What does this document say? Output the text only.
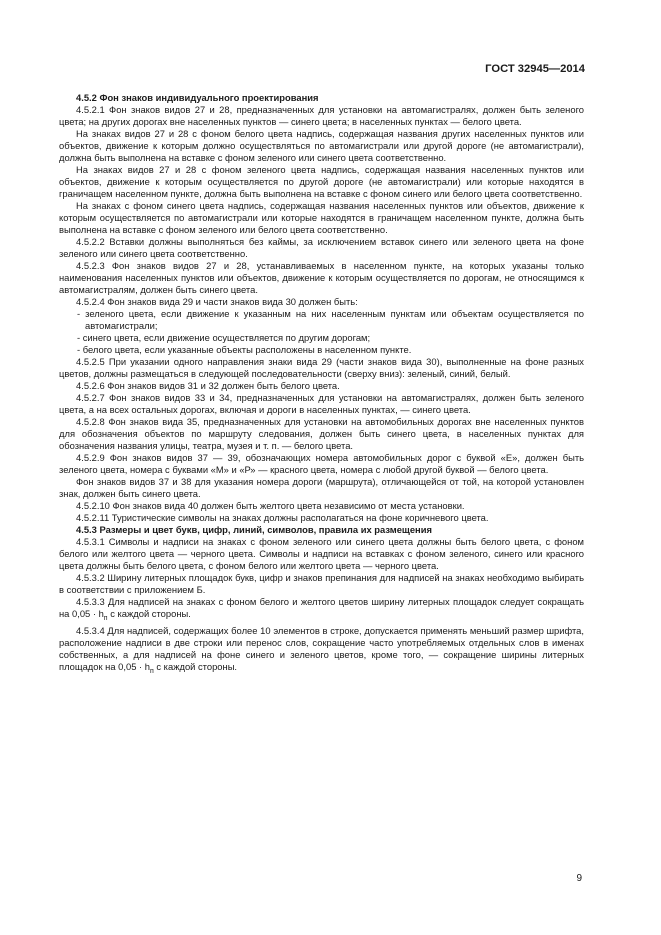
ГОСТ 32945—2014

4.5.2 Фон знаков индивидуального проектирования

4.5.2.1 Фон знаков видов 27 и 28, предназначенных для установки на автомагистралях, должен быть зеленого цвета; на других дорогах вне населенных пунктов — синего цвета; в населенных пунктах — белого цвета.

На знаках видов 27 и 28 с фоном белого цвета надпись, содержащая названия других населенных пунктов или объектов, движение к которым должно осуществляться по автомагистрали или другой дороге (не автомагистрали), должна быть выполнена на вставке с фоном зеленого или синего цвета соответственно.

На знаках видов 27 и 28 с фоном зеленого цвета надпись, содержащая названия населенных пунктов или объектов, движение к которым осуществляется по другой дороге (не автомагистрали) или которые находятся в граничащем населенном пункте, должна быть выполнена на вставке с фоном синего или белого цвета соответственно.

На знаках с фоном синего цвета надпись, содержащая названия населенных пунктов или объектов, движение к которым осуществляется по автомагистрали или которые находятся в граничащем населенном пункте, должна быть выполнена на вставке с фоном зеленого или белого цвета соответственно.

4.5.2.2 Вставки должны выполняться без каймы, за исключением вставок синего или зеленого цвета на фоне зеленого или синего цвета соответственно.

4.5.2.3 Фон знаков видов 27 и 28, устанавливаемых в населенном пункте, на которых указаны только наименования населенных пунктов или объектов, движение к которым осуществляется по дорогам, не относящимся к автомагистралям, должен быть синего цвета.

4.5.2.4 Фон знаков вида 29 и части знаков вида 30 должен быть:

- зеленого цвета, если движение к указанным на них населенным пунктам или объектам осуществляется по автомагистрали;

- синего цвета, если движение осуществляется по другим дорогам;

- белого цвета, если указанные объекты расположены в населенном пункте.

4.5.2.5 При указании одного направления знаки вида 29 (части знаков вида 30), выполненные на фоне разных цветов, должны размещаться в следующей последовательности (сверху вниз): зеленый, синий, белый.

4.5.2.6 Фон знаков видов 31 и 32 должен быть белого цвета.

4.5.2.7 Фон знаков видов 33 и 34, предназначенных для установки на автомагистралях, должен быть зеленого цвета, а на всех остальных дорогах, включая и дороги в населенных пунктах, — синего цвета.

4.5.2.8 Фон знаков вида 35, предназначенных для установки на автомобильных дорогах вне населенных пунктов для обозначения объектов по маршруту следования, должен быть синего цвета, в населенных пунктах для обозначения названия улицы, театра, музея и т. п. — белого цвета.

4.5.2.9 Фон знаков видов 37 — 39, обозначающих номера автомобильных дорог с буквой «Е», должен быть зеленого цвета, номера с буквами «М» и «Р» — красного цвета, номера с любой другой буквой — белого цвета.

Фон знаков видов 37 и 38 для указания номера дороги (маршрута), отличающейся от той, на которой установлен знак, должен быть синего цвета.

4.5.2.10 Фон знаков вида 40 должен быть желтого цвета независимо от места установки.

4.5.2.11 Туристические символы на знаках должны располагаться на фоне коричневого цвета.

4.5.3 Размеры и цвет букв, цифр, линий, символов, правила их размещения

4.5.3.1 Символы и надписи на знаках с фоном зеленого или синего цвета должны быть белого цвета, с фоном белого или желтого цвета — черного цвета. Символы и надписи на вставках с фоном зеленого, синего или красного цвета должны быть белого цвета, с фоном белого или желтого цвета — черного цвета.

4.5.3.2 Ширину литерных площадок букв, цифр и знаков препинания для надписей на знаках необходимо выбирать в соответствии с приложением Б.

4.5.3.3 Для надписей на знаках с фоном белого и желтого цветов ширину литерных площадок следует сокращать на $0,05 \cdot h_п$ с каждой стороны.

4.5.3.4 Для надписей, содержащих более 10 элементов в строке, допускается применять меньший размер шрифта, расположение надписи в две строки или перенос слов, сокращение часто употребляемых отдельных слов в именах собственных, а для надписей на фоне синего и зеленого цветов, кроме того, — сокращение ширины литерных площадок на $0,05 \cdot h_п$ с каждой стороны.

9
